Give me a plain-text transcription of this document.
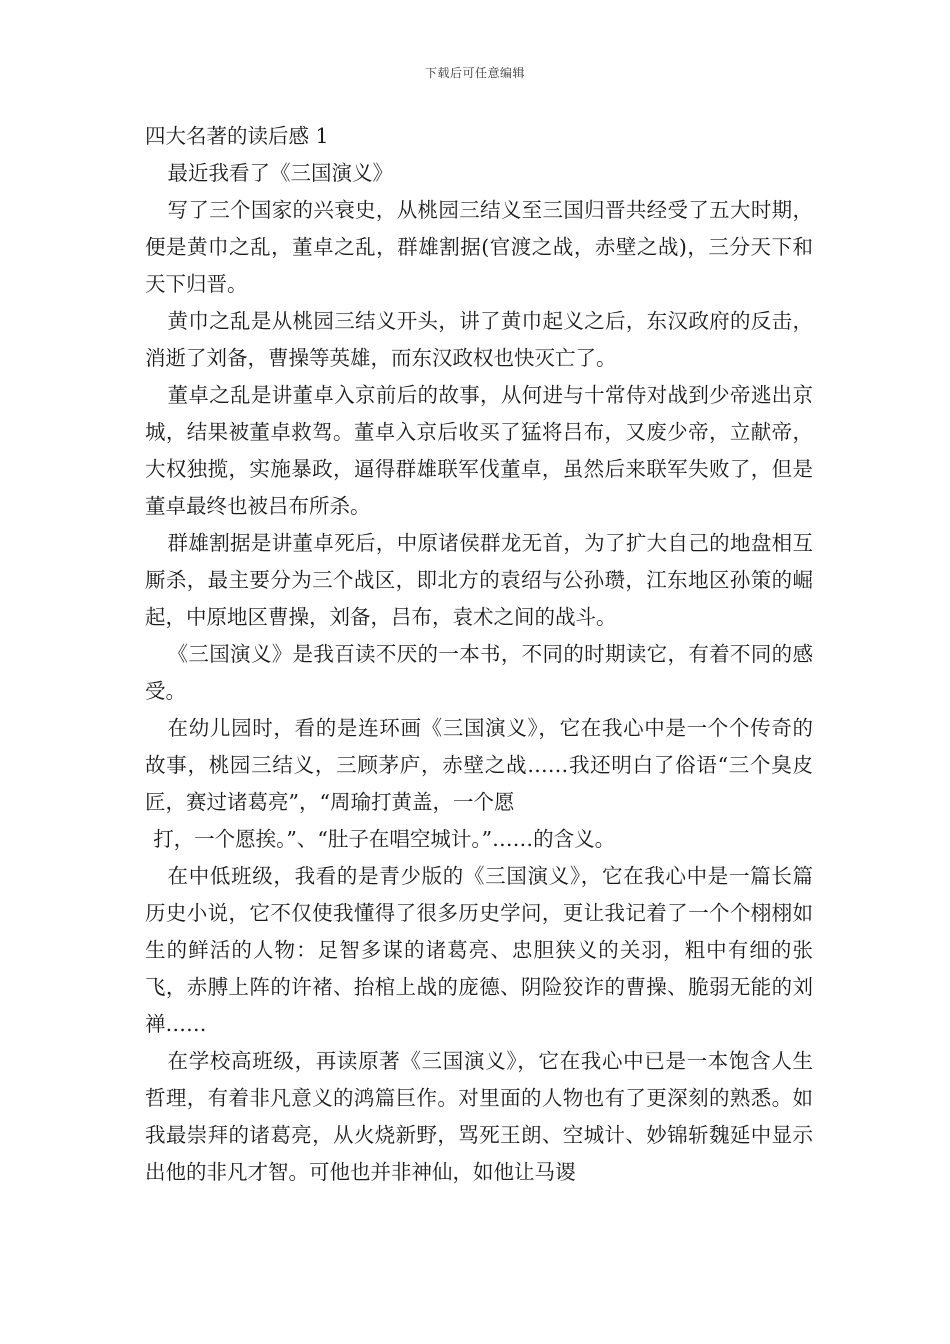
下载后可任意编辑
四大名著的读后感 1

最近我看了《三国演义》

写了三个国家的兴衰史，从桃园三结义至三国归晋共经受了五大时期，便是黄巾之乱，董卓之乱，群雄割据(官渡之战，赤壁之战)，三分天下和天下归晋。

黄巾之乱是从桃园三结义开头，讲了黄巾起义之后，东汉政府的反击，消逝了刘备，曹操等英雄，而东汉政权也快灭亡了。

董卓之乱是讲董卓入京前后的故事，从何进与十常侍对战到少帝逃出京城，结果被董卓救驾。董卓入京后收买了猛将吕布，又废少帝，立献帝，大权独揽，实施暴政，逼得群雄联军伐董卓，虽然后来联军失败了，但是董卓最终也被吕布所杀。

群雄割据是讲董卓死后，中原诸侯群龙无首，为了扩大自己的地盘相互厮杀，最主要分为三个战区，即北方的袁绍与公孙瓒，江东地区孙策的崛起，中原地区曹操，刘备，吕布，袁术之间的战斗。

《三国演义》是我百读不厌的一本书，不同的时期读它，有着不同的感受。

在幼儿园时，看的是连环画《三国演义》，它在我心中是一个个传奇的故事，桃园三结义，三顾茅庐，赤壁之战……我还明白了俗语“三个臭皮匠，赛过诸葛亮”，“周瑜打黄盖，一个愿

打，一个愿挨。”、“肚子在唱空城计。”……的含义。

在中低班级，我看的是青少版的《三国演义》，它在我心中是一篇长篇历史小说，它不仅使我懂得了很多历史学问，更让我记着了一个个栩栩如生的鲜活的人物：足智多谋的诸葛亮、忠胆狭义的关羽，粗中有细的张飞，赤膊上阵的许褚、抬棺上战的庞德、阴险狡诈的曹操、脆弱无能的刘禅……

在学校高班级，再读原著《三国演义》，它在我心中已是一本饱含人生哲理，有着非凡意义的鸿篇巨作。对里面的人物也有了更深刻的熟悉。如我最崇拜的诸葛亮，从火烧新野，骂死王朗、空城计、妙锦斩魏延中显示出他的非凡才智。可他也并非神仙，如他让马谡
